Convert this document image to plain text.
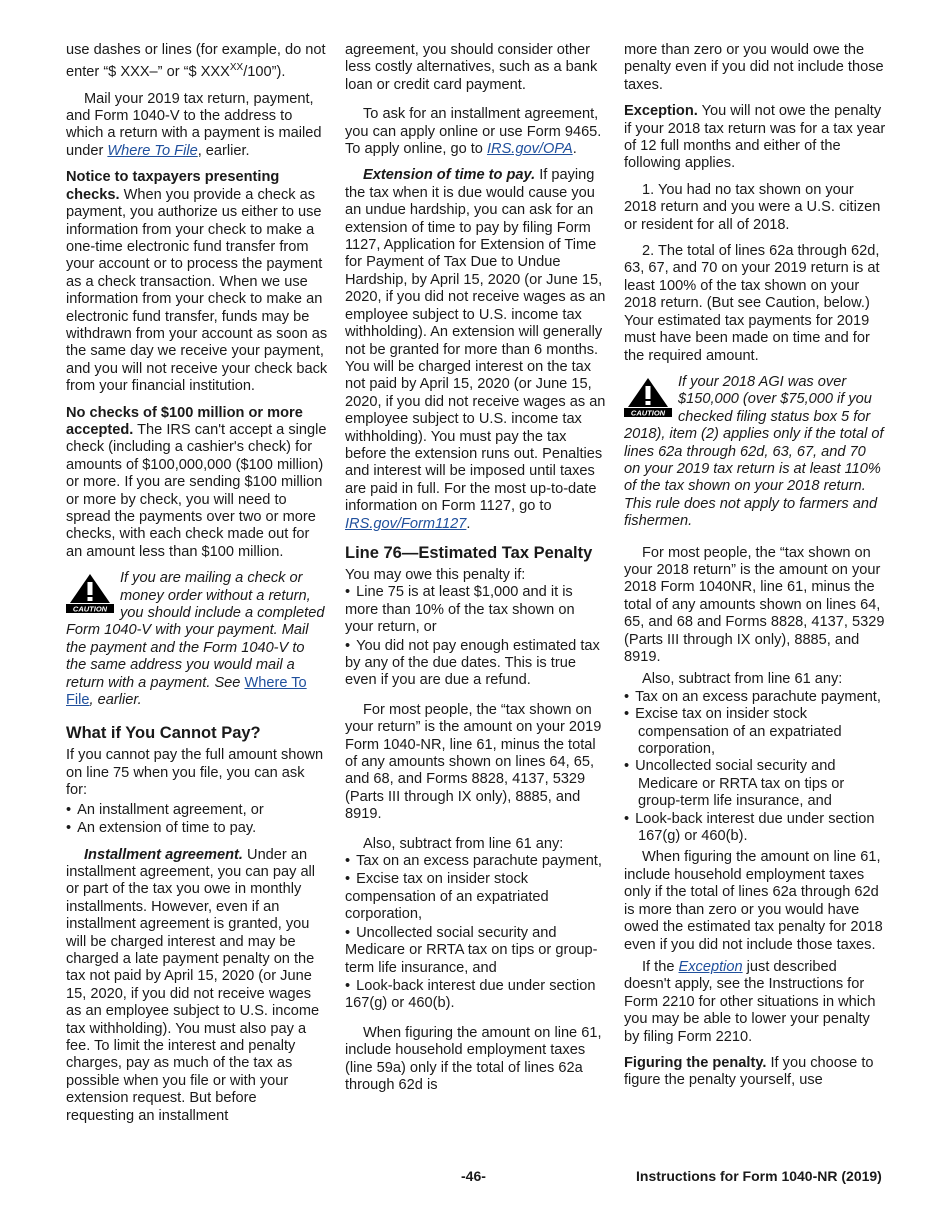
use dashes or lines (for example, do not enter “$ XXX–” or “$ $XXX^{XX}/100$”).

Mail your 2019 tax return, payment, and Form 1040-V to the address to which a return with a payment is mailed under Where To File, earlier.

Notice to taxpayers presenting checks. When you provide a check as payment, you authorize us either to use information from your check to make a one-time electronic fund transfer from your account or to process the payment as a check transaction. When we use information from your check to make an electronic fund transfer, funds may be withdrawn from your account as soon as the same day we receive your payment, and you will not receive your check back from your financial institution.

No checks of $100 million or more accepted. The IRS can't accept a single check (including a cashier's check) for amounts of $100,000,000 ($100 million) or more. If you are sending $100 million or more by check, you will need to spread the payments over two or more checks, with each check made out for an amount less than $100 million.

CAUTION
If you are mailing a check or money order without a return, you should include a completed Form 1040-V with your payment. Mail the payment and the Form 1040-V to the same address you would mail a return with a payment. See Where To File, earlier.
What if You Cannot Pay?

If you cannot pay the full amount shown on line 75 when you file, you can ask for:

• An installment agreement, or
• An extension of time to pay.

Installment agreement. Under an installment agreement, you can pay all or part of the tax you owe in monthly installments. However, even if an installment agreement is granted, you will be charged interest and may be charged a late payment penalty on the tax not paid by April 15, 2020 (or June 15, 2020, if you did not receive wages as an employee subject to U.S. income tax withholding). You must also pay a fee. To limit the interest and penalty charges, pay as much of the tax as possible when you file or with your extension request. But before requesting an installment

agreement, you should consider other less costly alternatives, such as a bank loan or credit card payment.

To ask for an installment agreement, you can apply online or use Form 9465. To apply online, go to IRS.gov/OPA.

Extension of time to pay. If paying the tax when it is due would cause you an undue hardship, you can ask for an extension of time to pay by filing Form 1127, Application for Extension of Time for Payment of Tax Due to Undue Hardship, by April 15, 2020 (or June 15, 2020, if you did not receive wages as an employee subject to U.S. income tax withholding). An extension will generally not be granted for more than 6 months. You will be charged interest on the tax not paid by April 15, 2020 (or June 15, 2020, if you did not receive wages as an employee subject to U.S. income tax withholding). You must pay the tax before the extension runs out. Penalties and interest will be imposed until taxes are paid in full. For the most up-to-date information on Form 1127, go to IRS.gov/Form1127.

Line 76—Estimated Tax Penalty

You may owe this penalty if:

• Line 75 is at least $1,000 and it is more than 10% of the tax shown on your return, or
• You did not pay enough estimated tax by any of the due dates. This is true even if you are due a refund.

For most people, the “tax shown on your return” is the amount on your 2019 Form 1040-NR, line 61, minus the total of any amounts shown on lines 64, 65, and 68, and Forms 8828, 4137, 5329 (Parts III through IX only), 8885, and 8919.

Also, subtract from line 61 any:

• Tax on an excess parachute payment,
• Excise tax on insider stock compensation of an expatriated corporation,
• Uncollected social security and Medicare or RRTA tax on tips or group-term life insurance, and
• Look-back interest due under section 167(g) or 460(b).

When figuring the amount on line 61, include household employment taxes (line 59a) only if the total of lines 62a through 62d is

more than zero or you would owe the penalty even if you did not include those taxes.

Exception. You will not owe the penalty if your 2018 tax return was for a tax year of 12 full months and either of the following applies.

1. You had no tax shown on your 2018 return and you were a U.S. citizen or resident for all of 2018.

2. The total of lines 62a through 62d, 63, 67, and 70 on your 2019 return is at least 100% of the tax shown on your 2018 return. (But see Caution, below.) Your estimated tax payments for 2019 must have been made on time and for the required amount.

CAUTION
If your 2018 AGI was over $150,000 (over $75,000 if you checked filing status box 5 for 2018), item (2) applies only if the total of lines 62a through 62d, 63, 67, and 70 on your 2019 tax return is at least 110% of the tax shown on your 2018 return. This rule does not apply to farmers and fishermen.

For most people, the “tax shown on your 2018 return” is the amount on your 2018 Form 1040NR, line 61, minus the total of any amounts shown on lines 64, 65, and 68 and Forms 8828, 4137, 5329 (Parts III through IX only), 8885, and 8919.

Also, subtract from line 61 any:

• Tax on an excess parachute payment,
• Excise tax on insider stock compensation of an expatriated corporation,
• Uncollected social security and Medicare or RRTA tax on tips or group-term life insurance, and
• Look-back interest due under section 167(g) or 460(b).

When figuring the amount on line 61, include household employment taxes only if the total of lines 62a through 62d is more than zero or you would have owed the estimated tax penalty for 2018 even if you did not include those taxes.

If the Exception just described doesn't apply, see the Instructions for Form 2210 for other situations in which you may be able to lower your penalty by filing Form 2210.

Figuring the penalty. If you choose to figure the penalty yourself, use

-46-	Instructions for Form 1040-NR (2019)
